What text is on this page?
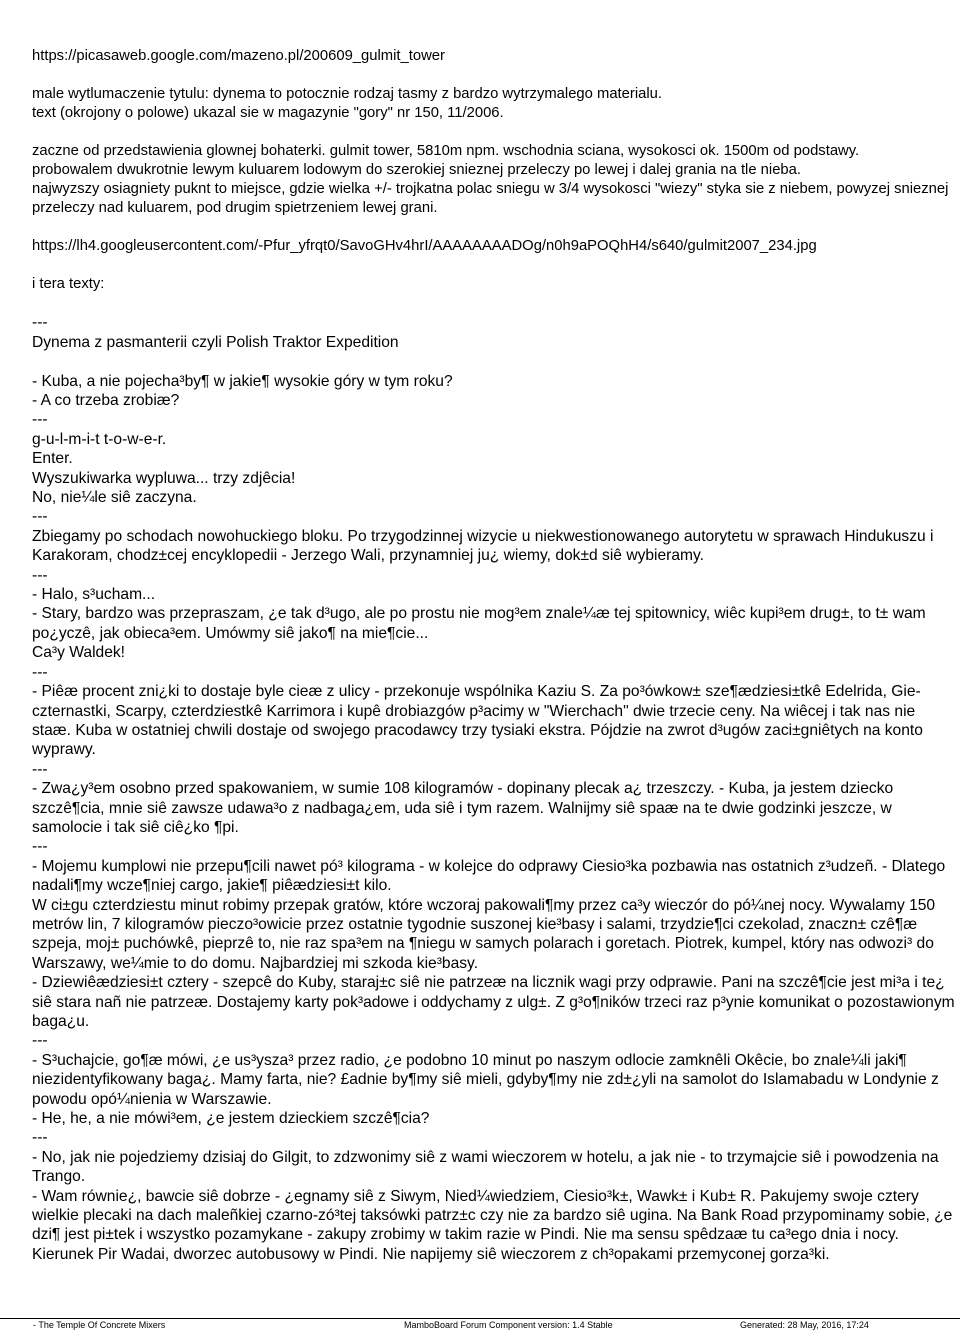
https://picasaweb.google.com/mazeno.pl/200609_gulmit_tower

male wytlumaczenie tytulu: dynema to potocznie rodzaj tasmy z bardzo wytrzymalego materialu.
text (okrojony o polowe) ukazal sie w magazynie "gory" nr 150, 11/2006.

zaczne od przedstawienia glownej bohaterki. gulmit tower, 5810m npm. wschodnia sciana, wysokosci ok. 1500m od podstawy.
probowalem dwukrotnie lewym kuluarem lodowym do szerokiej snieznej przeleczy po lewej i dalej grania na tle nieba.
najwyzszy osiagniety puknt to miejsce, gdzie wielka +/- trojkatna polac sniegu w 3/4 wysokosci "wiezy" styka sie z niebem, powyzej snieznej przeleczy nad kuluarem, pod drugim spietrzeniem lewej grani.

https://lh4.googleusercontent.com/-Pfur_yfrqt0/SavoGHv4hrI/AAAAAAAADOg/n0h9aPOQhH4/s640/gulmit2007_234.jpg

i tera texty:

---
Dynema z pasmanterii czyli Polish Traktor Expedition

- Kuba, a nie pojecha³by¶ w jakie¶ wysokie góry w tym roku?
- A co trzeba zrobiæ?
---
g-u-l-m-i-t t-o-w-e-r.
Enter.
Wyszukiwarka wypluwa... trzy zdjêcia!
No, nie¼le siê zaczyna.
---
Zbiegamy po schodach nowohuckiego bloku. Po trzygodzinnej wizycie u niekwestionowanego autorytetu w sprawach Hindukuszu i Karakoram, chodz±cej encyklopedii - Jerzego Wali, przynamniej ju¿ wiemy, dok±d siê wybieramy.
---
- Halo, s³ucham...
- Stary, bardzo was przepraszam, ¿e tak d³ugo, ale po prostu nie mog³em znale¼æ tej spitownicy, wiêc kupi³em drug±, to t± wam po¿yczê, jak obieca³em. Umówmy siê jako¶ na mie¶cie...
Ca³y Waldek!
---
- Piêæ procent zni¿ki to dostaje byle cieæ z ulicy - przekonuje wspólnika Kaziu S. Za po³ówkow± sze¶ædziesi±tkê Edelrida, Gie-czternastki, Scarpy, czterdziestkê Karrimora i kupê drobiazgów p³acimy w "Wierchach" dwie trzecie ceny. Na wiêcej i tak nas nie staæ. Kuba w ostatniej chwili dostaje od swojego pracodawcy trzy tysiaki ekstra. Pójdzie na zwrot d³ugów zaci±gniêtych na konto wyprawy.
---
- Zwa¿y³em osobno przed spakowaniem, w sumie 108 kilogramów - dopinany plecak a¿ trzeszczy. - Kuba, ja jestem dziecko szczê¶cia, mnie siê zawsze udawa³o z nadbaga¿em, uda siê i tym razem. Walnijmy siê spaæ na te dwie godzinki jeszcze, w samolocie i tak siê ciê¿ko ¶pi.
---
- Mojemu kumplowi nie przepu¶cili nawet pó³ kilograma - w kolejce do odprawy Ciesio³ka pozbawia nas ostatnich z³udzeñ. - Dlatego nadali¶my wcze¶niej cargo, jakie¶ piêædziesi±t kilo.
W ci±gu czterdziestu minut robimy przepak gratów, które wczoraj pakowali¶my przez ca³y wieczór do pó¼nej nocy. Wywalamy 150 metrów lin, 7 kilogramów pieczo³owicie przez ostatnie tygodnie suszonej kie³basy i salami, trzydzie¶ci czekolad, znaczn± czê¶æ szpeja, moj± puchówkê, pieprzê to, nie raz spa³em na ¶niegu w samych polarach i goretach. Piotrek, kumpel, który nas odwozi³ do Warszawy, we¼mie to do domu. Najbardziej mi szkoda kie³basy.
- Dziewiêædziesi±t cztery - szepcê do Kuby, staraj±c siê nie patrzeæ na licznik wagi przy odprawie. Pani na szczê¶cie jest mi³a i te¿ siê stara nañ nie patrzeæ. Dostajemy karty pok³adowe i oddychamy z ulg±. Z g³o¶ników trzeci raz p³ynie komunikat o pozostawionym baga¿u.
---
- S³uchajcie, go¶æ mówi, ¿e us³ysza³ przez radio, ¿e podobno 10 minut po naszym odlocie zamknêli Okêcie, bo znale¼li jaki¶ niezidentyfikowany baga¿. Mamy farta, nie? £adnie by¶my siê mieli, gdyby¶my nie zd±¿yli na samolot do Islamabadu w Londynie z powodu opó¼nienia w Warszawie.
- He, he, a nie mówi³em, ¿e jestem dzieckiem szczê¶cia?
---
- No, jak nie pojedziemy dzisiaj do Gilgit, to zdzwonimy siê z wami wieczorem w hotelu, a jak nie - to trzymajcie siê i powodzenia na Trango.
- Wam równie¿, bawcie siê dobrze - ¿egnamy siê z Siwym, Nied¼wiedziem, Ciesio³k±, Wawk± i Kub± R. Pakujemy swoje cztery wielkie plecaki na dach maleñkiej czarno-zó³tej taksówki patrz±c czy nie za bardzo siê ugina. Na Bank Road przypominamy sobie, ¿e dzi¶ jest pi±tek i wszystko pozamykane - zakupy zrobimy w takim razie w Pindi. Nie ma sensu spêdzaæ tu ca³ego dnia i nocy. Kierunek Pir Wadai, dworzec autobusowy w Pindi. Nie napijemy siê wieczorem z ch³opakami przemyconej gorza³ki.

- The Temple Of Concrete Mixers	MamboBoard Forum Component version: 1.4 Stable	Generated: 28 May, 2016, 17:24
